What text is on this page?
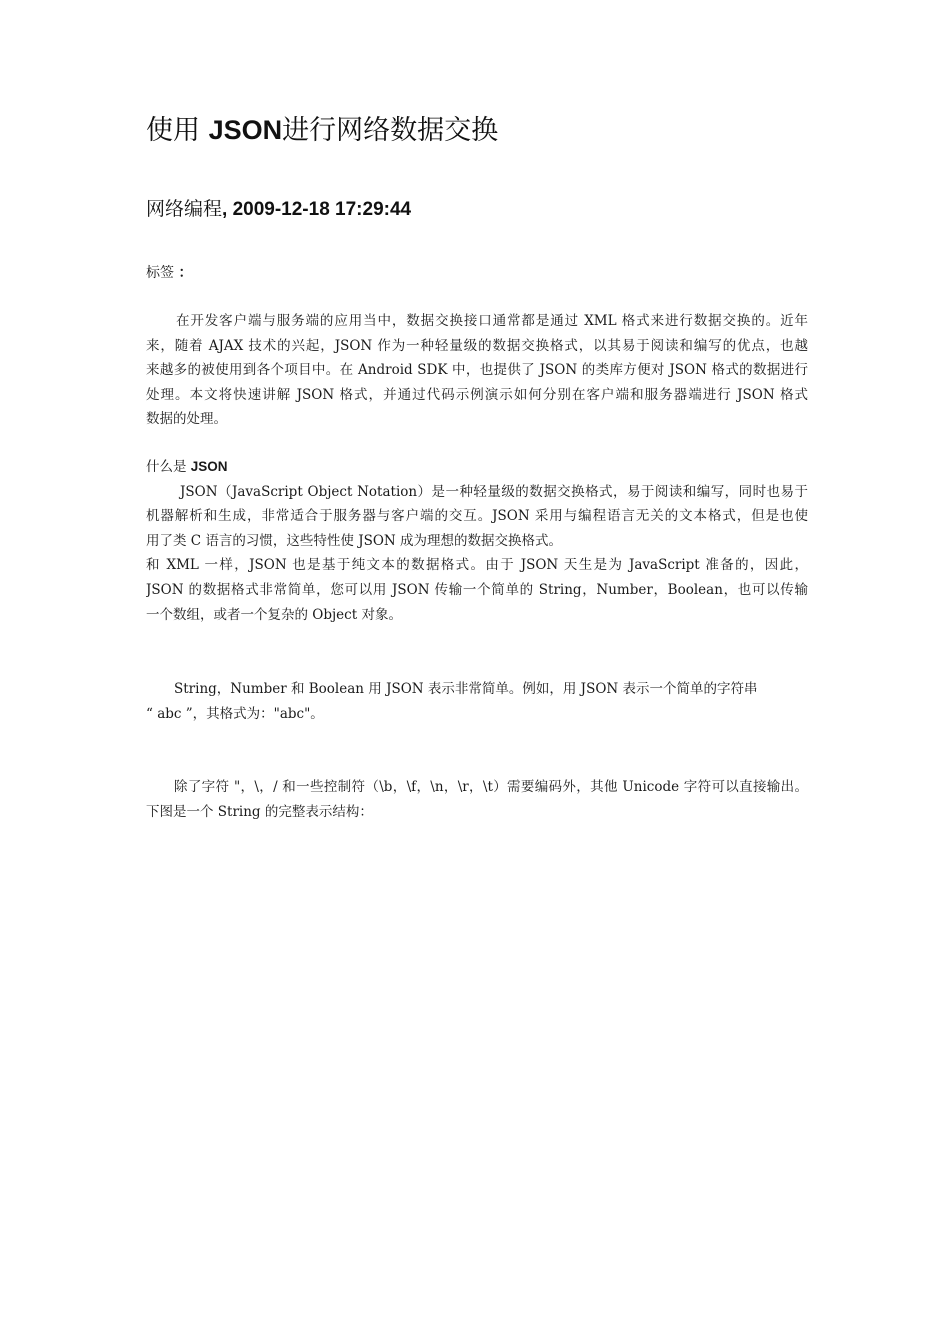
使用 JSON进行网络数据交换
网络编程, 2009-12-18 17:29:44
标签 ：
在开发客户端与服务端的应用当中，数据交换接口通常都是通过 XML 格式来进行数据交换的。近年
来，随着 AJAX 技术的兴起，JSON 作为一种轻量级的数据交换格式，以其易于阅读和编写的优点，也越
来越多的被使用到各个项目中。在 Android SDK 中，也提供了 JSON 的类库方便对 JSON 格式的数据进行
处理。本文将快速讲解 JSON 格式，并通过代码示例演示如何分别在客户端和服务器端进行 JSON 格式
数据的处理。
什么是 JSON
JSON（JavaScript Object Notation）是一种轻量级的数据交换格式，易于阅读和编写，同时也易于
机器解析和生成，非常适合于服务器与客户端的交互。JSON 采用与编程语言无关的文本格式，但是也使
用了类 C 语言的习惯，这些特性使 JSON 成为理想的数据交换格式。
和 XML 一样，JSON 也是基于纯文本的数据格式。由于 JSON 天生是为 JavaScript 准备的，因此，
JSON 的数据格式非常简单，您可以用 JSON 传输一个简单的 String，Number，Boolean，也可以传输
一个数组，或者一个复杂的 Object 对象。
String，Number 和 Boolean 用 JSON 表示非常简单。例如，用 JSON 表示一个简单的字符串
“ abc ”，其格式为："abc"。
除了字符 "，\，/ 和一些控制符（\b，\f，\n，\r，\t）需要编码外，其他 Unicode 字符可以直接输出。
下图是一个 String 的完整表示结构：
